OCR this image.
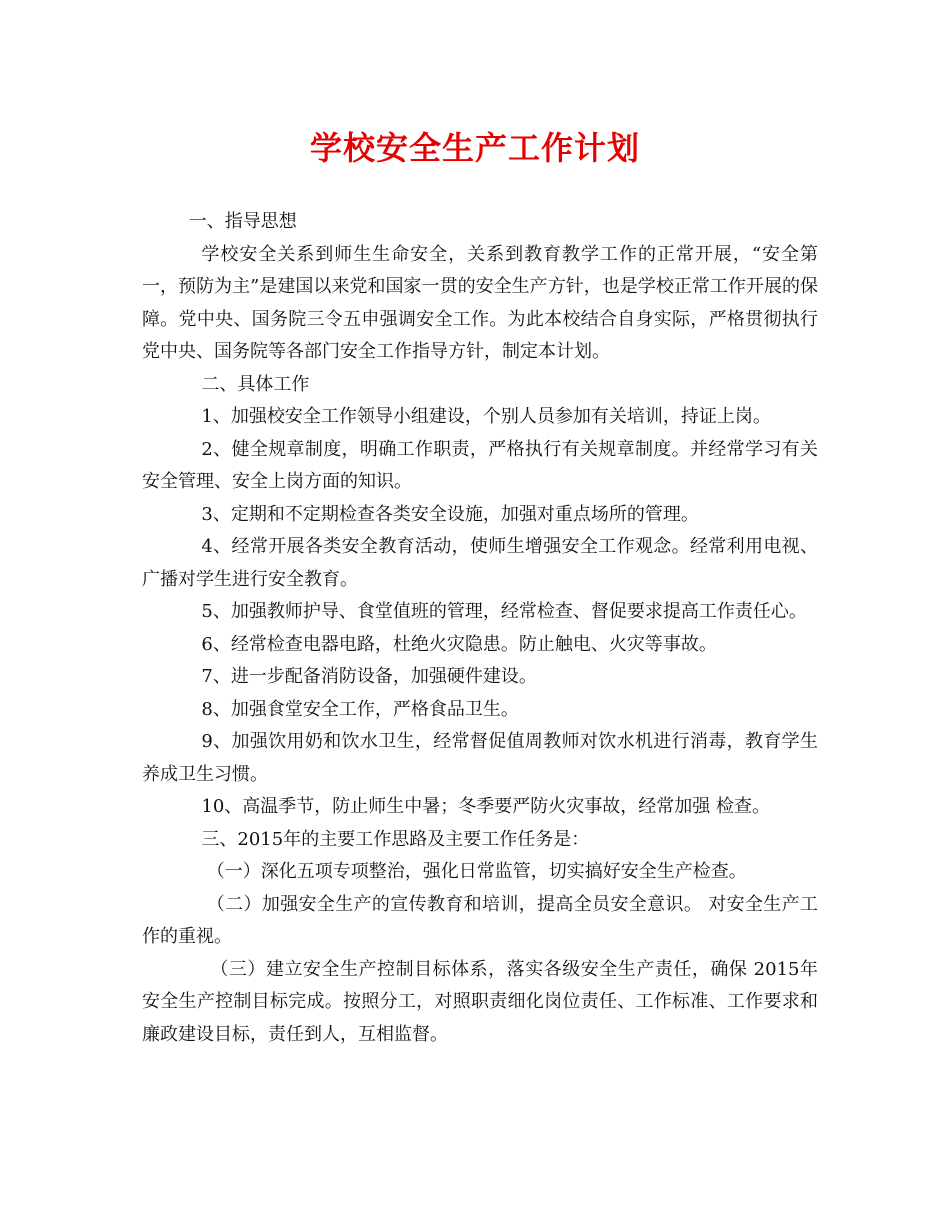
学校安全生产工作计划

一、指导思想

学校安全关系到师生生命安全，关系到教育教学工作的正常开展，“安全第一，预防为主”是建国以来党和国家一贯的安全生产方针，也是学校正常工作开展的保障。党中央、国务院三令五申强调安全工作。为此本校结合自身实际，严格贯彻执行党中央、国务院等各部门安全工作指导方针，制定本计划。

二、具体工作

1、加强校安全工作领导小组建设，个别人员参加有关培训，持证上岗。

2、健全规章制度，明确工作职责，严格执行有关规章制度。并经常学习有关安全管理、安全上岗方面的知识。

3、定期和不定期检查各类安全设施，加强对重点场所的管理。

4、经常开展各类安全教育活动，使师生增强安全工作观念。经常利用电视、广播对学生进行安全教育。

5、加强教师护导、食堂值班的管理，经常检查、督促要求提高工作责任心。

6、经常检查电器电路，杜绝火灾隐患。防止触电、火灾等事故。

7、进一步配备消防设备，加强硬件建设。

8、加强食堂安全工作，严格食品卫生。

9、加强饮用奶和饮水卫生，经常督促值周教师对饮水机进行消毒，教育学生养成卫生习惯。

10、高温季节，防止师生中暑；冬季要严防火灾事故，经常加强 检查。

三、2015年的主要工作思路及主要工作任务是：

（一）深化五项专项整治，强化日常监管，切实搞好安全生产检查。

（二）加强安全生产的宣传教育和培训，提高全员安全意识。 对安全生产工作的重视。

（三）建立安全生产控制目标体系，落实各级安全生产责任，确保 2015年安全生产控制目标完成。按照分工，对照职责细化岗位责任、工作标准、工作要求和廉政建设目标，责任到人，互相监督。
